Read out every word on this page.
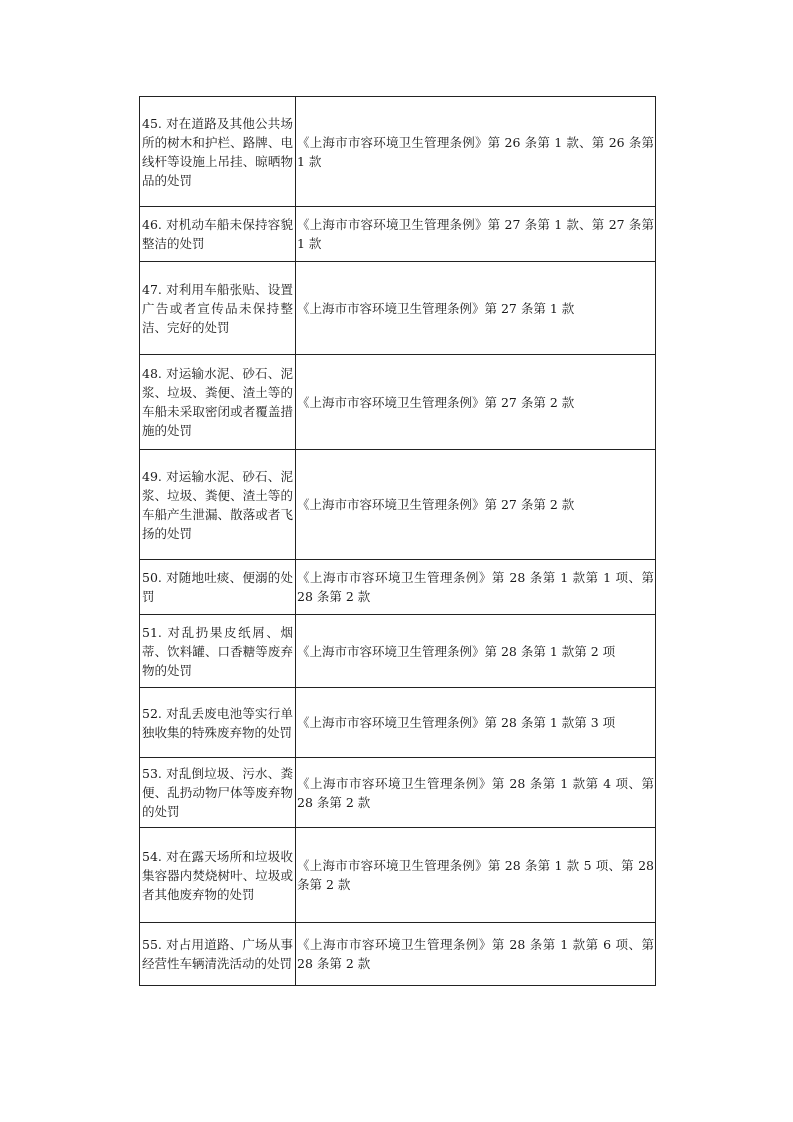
45. 对在道路及其他公共场所的树木和护栏、路牌、电线杆等设施上吊挂、晾晒物品的处罚	《上海市市容环境卫生管理条例》第 26 条第 1 款、第 26 条第 1 款
46. 对机动车船未保持容貌整洁的处罚	《上海市市容环境卫生管理条例》第 27 条第 1 款、第 27 条第 1 款
47. 对利用车船张贴、设置广告或者宣传品未保持整洁、完好的处罚	《上海市市容环境卫生管理条例》第 27 条第 1 款
48. 对运输水泥、砂石、泥浆、垃圾、粪便、渣土等的车船未采取密闭或者覆盖措施的处罚	《上海市市容环境卫生管理条例》第 27 条第 2 款
49. 对运输水泥、砂石、泥浆、垃圾、粪便、渣土等的车船产生泄漏、散落或者飞扬的处罚	《上海市市容环境卫生管理条例》第 27 条第 2 款
50. 对随地吐痰、便溺的处罚	《上海市市容环境卫生管理条例》第 28 条第 1 款第 1 项、第 28 条第 2 款
51. 对乱扔果皮纸屑、烟蒂、饮料罐、口香糖等废弃物的处罚	《上海市市容环境卫生管理条例》第 28 条第 1 款第 2 项
52. 对乱丢废电池等实行单独收集的特殊废弃物的处罚	《上海市市容环境卫生管理条例》第 28 条第 1 款第 3 项
53. 对乱倒垃圾、污水、粪便、乱扔动物尸体等废弃物的处罚	《上海市市容环境卫生管理条例》第 28 条第 1 款第 4 项、第 28 条第 2 款
54. 对在露天场所和垃圾收集容器内焚烧树叶、垃圾或者其他废弃物的处罚	《上海市市容环境卫生管理条例》第 28 条第 1 款 5 项、第 28 条第 2 款
55. 对占用道路、广场从事经营性车辆清洗活动的处罚	《上海市市容环境卫生管理条例》第 28 条第 1 款第 6 项、第 28 条第 2 款
